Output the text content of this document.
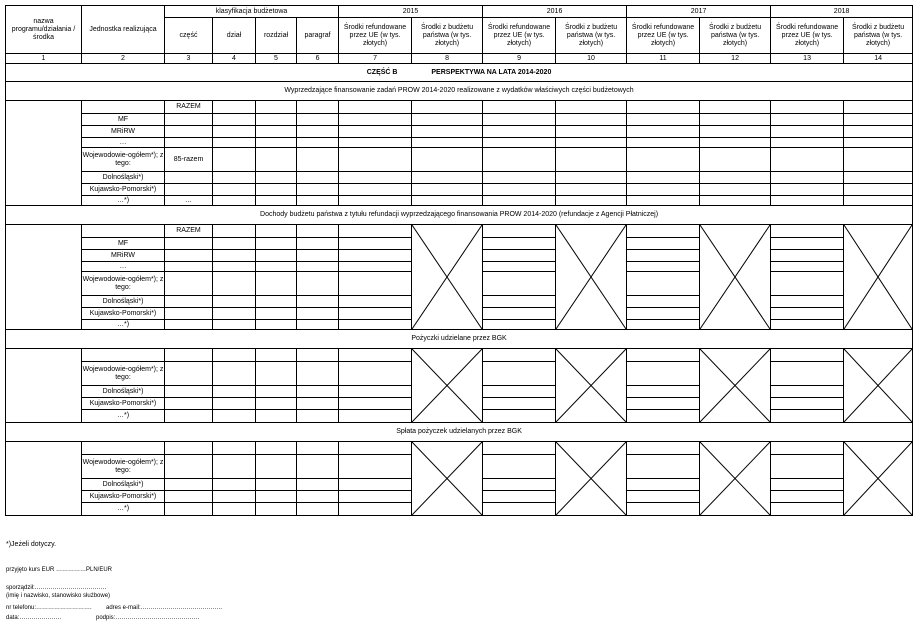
nazwa programu/działania /środka	Jednostka realizująca	klasyfikacja budżetowa				2015		2016		2017		2018	
		część	dział	rozdział	paragraf	Środki refundowane przez UE (w tys. złotych)	Środki z budżetu państwa (w tys. złotych)	Środki refundowane przez UE (w tys. złotych)	Środki z budżetu państwa (w tys. złotych)	Środki refundowane przez UE (w tys. złotych)	Środki z budżetu państwa (w tys. złotych)	Środki refundowane przez UE (w tys. złotych)	Środki z budżetu państwa (w tys. złotych)
1	2	3	4	5	6	7	8	9	10	11	12	13	14
CZĘŚĆ B PERSPEKTYWA NA LATA 2014-2020													
Wyprzedzające finansowanie zadań PROW 2014-2020 realizowane z wydatków właściwych części budżetowych													
		RAZEM											
	MF												
	MRiRW												
	…												
	Wojewodowie-ogółem*); z tego:	85-razem											
	Dolnośląski*)												
	Kujawsko-Pomorski*)												
	…*)	…											
Dochody budżetu państwa z tytułu refundacji wyprzedzającego finansowania PROW 2014-2020 (refundacje z Agencji Płatniczej)													
		RAZEM					

	MF												
	MRiRW												
	…												
	Wojewodowie-ogółem*); z tego:												
	Dolnośląski*)												
	Kujawsko-Pomorski*)												
	…*)												
Pożyczki udzielane przez BGK													

	Wojewodowie-ogółem*); z tego:												
	Dolnośląski*)												
	Kujawsko-Pomorski*)												
	…*)												
Spłata pożyczek udzielanych przez BGK													

	Wojewodowie-ogółem*); z tego:												
	Dolnośląski*)												
	Kujawsko-Pomorski*)												
	…*)												
*)Jeżeli dotyczy.
przyjęto kurs EUR ……………PLN/EUR
sporządził:………………………………
(imię i nazwisko, stanowisko służbowe)
nr telefonu:………………………. adres e-mail:…………………………………..
data:…………………	podpis:……………………………………
